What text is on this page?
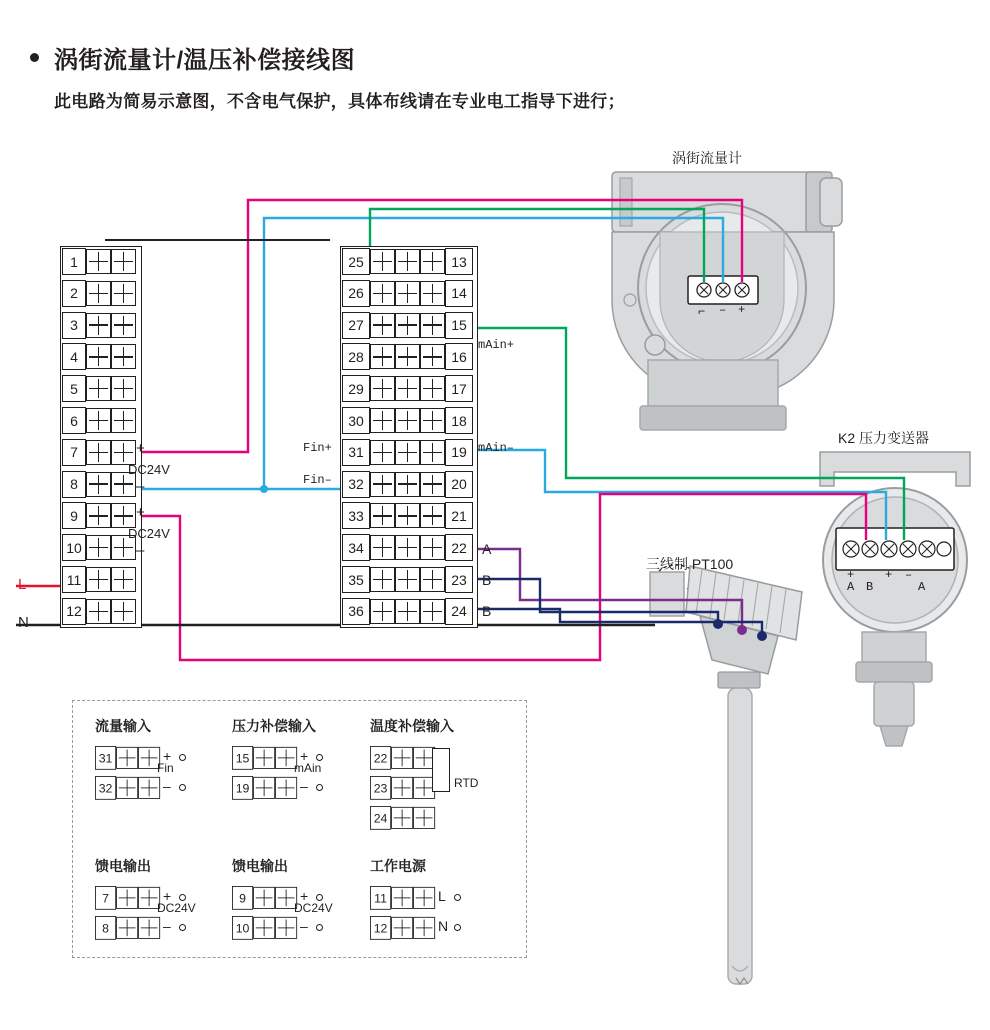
涡街流量计/温压补偿接线图
此电路为简易示意图，不含电气保护，具体布线请在专业电工指导下进行；
1
2
3
4
5
6
7
8
9
10
11
12
+
DC24V
–
+
DC24V
–
L
N
25	13
26	14
27	15
28	16
29	17
30	18
31	19
32	20
33	21
34	22
35	23
36	24
mAin+
mAin–
Fin+
Fin–
A
B
B
涡街流量计
K2 压力变送器
三线制 PT100
⌐ – +
+
A B
+ –
A
流量输入
31	+
32	–
Fin
压力补偿输入
15	+
19	–
mAin
温度补偿输入
22
23
24
RTD
馈电输出
7	+
8	–
DC24V
馈电输出
9	+
10	–
DC24V
工作电源
11	L
12	N
